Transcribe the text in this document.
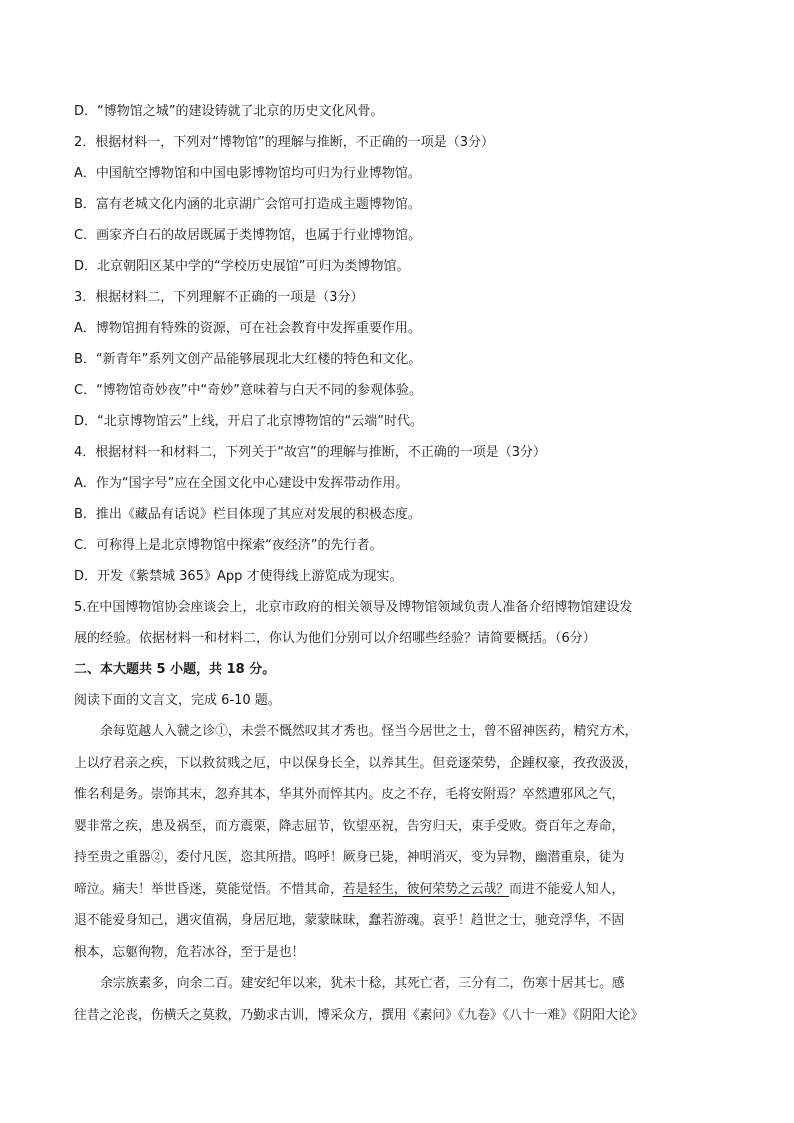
D．“博物馆之城”的建设铸就了北京的历史文化风骨。
2．根据材料一，下列对“博物馆”的理解与推断，不正确的一项是（3分）
A．中国航空博物馆和中国电影博物馆均可归为行业博物馆。
B．富有老城文化内涵的北京湖广会馆可打造成主题博物馆。
C．画家齐白石的故居既属于类博物馆，也属于行业博物馆。
D．北京朝阳区某中学的“学校历史展馆”可归为类博物馆。
3．根据材料二，下列理解不正确的一项是（3分）
A．博物馆拥有特殊的资源，可在社会教育中发挥重要作用。
B．“新青年”系列文创产品能够展现北大红楼的特色和文化。
C．“博物馆奇妙夜”中“奇妙”意味着与白天不同的参观体验。
D．“北京博物馆云”上线，开启了北京博物馆的“云端”时代。
4．根据材料一和材料二，下列关于“故宫”的理解与推断，不正确的一项是（3分）
A．作为“国字号”应在全国文化中心建设中发挥带动作用。
B．推出《藏品有话说》栏目体现了其应对发展的积极态度。
C．可称得上是北京博物馆中探索“夜经济”的先行者。
D．开发《紫禁城 365》App 才使得线上游览成为现实。
5.在中国博物馆协会座谈会上，北京市政府的相关领导及博物馆领域负责人准备介绍博物馆建设发
展的经验。依据材料一和材料二，你认为他们分别可以介绍哪些经验？请简要概括。（6分）
二、本大题共 5 小题，共 18 分。
阅读下面的文言文，完成 6-10 题。
余每览越人入虢之诊①，未尝不慨然叹其才秀也。怪当今居世之士，曾不留神医药，精究方术，
上以疗君亲之疾，下以救贫贱之厄，中以保身长全，以养其生。但竞逐荣势，企踵权豪，孜孜汲汲，
惟名利是务。崇饰其末，忽弃其本，华其外而悴其内。皮之不存，毛将安附焉？卒然遭邪风之气，
婴非常之疾，患及祸至，而方震栗，降志屈节，钦望巫祝，告穷归天，束手受败。赍百年之寿命，
持至贵之重器②，委付凡医，恣其所措。呜呼！厥身已毙，神明消灭，变为异物，幽潜重泉，徒为
啼泣。痛夫！举世昏迷，莫能觉悟。不惜其命，若是轻生，彼何荣势之云哉？而进不能爱人知人，
退不能爱身知己，遇灾值祸，身居厄地，蒙蒙昧昧，蠢若游魂。哀乎！趋世之士，驰竞浮华，不固
根本，忘躯徇物，危若冰谷，至于是也！
余宗族素多，向余二百。建安纪年以来，犹未十稔，其死亡者，三分有二，伤寒十居其七。感
往昔之沦丧，伤横夭之莫救，乃勤求古训，博采众方，撰用《素问》《九卷》《八十一难》《阴阳大论》
